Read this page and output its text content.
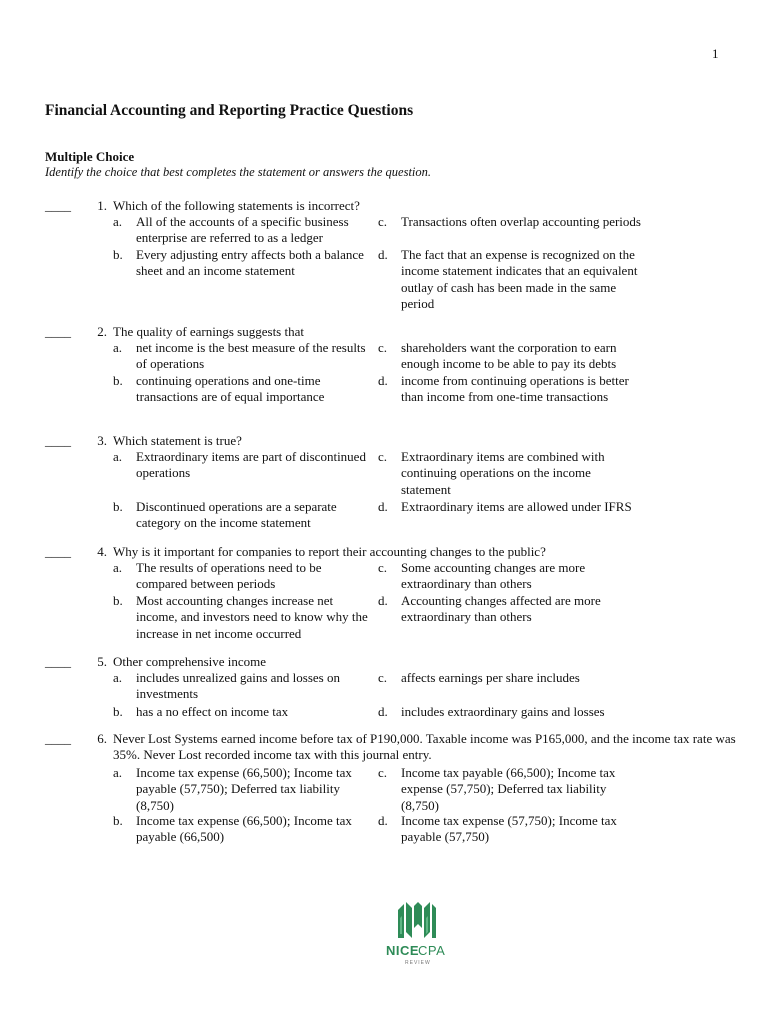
1
Financial Accounting and Reporting Practice Questions
Multiple Choice
Identify the choice that best completes the statement or answers the question.
____	1. Which of the following statements is incorrect?
a. All of the accounts of a specific business enterprise are referred to as a ledger
b. Every adjusting entry affects both a balance sheet and an income statement
c. Transactions often overlap accounting periods
d. The fact that an expense is recognized on the income statement indicates that an equivalent outlay of cash has been made in the same period
____	2. The quality of earnings suggests that
a. net income is the best measure of the results of operations
b. continuing operations and one-time transactions are of equal importance
c. shareholders want the corporation to earn enough income to be able to pay its debts
d. income from continuing operations is better than income from one-time transactions
____	3. Which statement is true?
a. Extraordinary items are part of discontinued operations
b. Discontinued operations are a separate category on the income statement
c. Extraordinary items are combined with continuing operations on the income statement
d. Extraordinary items are allowed under IFRS
____	4. Why is it important for companies to report their accounting changes to the public?
a. The results of operations need to be compared between periods
b. Most accounting changes increase net income, and investors need to know why the increase in net income occurred
c. Some accounting changes are more extraordinary than others
d. Accounting changes affected are more extraordinary than others
____	5. Other comprehensive income
a. includes unrealized gains and losses on investments
b. has a no effect on income tax
c. affects earnings per share includes
d. includes extraordinary gains and losses
____	6. Never Lost Systems earned income before tax of P190,000. Taxable income was P165,000, and the income tax rate was 35%. Never Lost recorded income tax with this journal entry.
a. Income tax expense (66,500); Income tax payable (57,750); Deferred tax liability (8,750)
b. Income tax expense (66,500); Income tax payable (66,500)
c. Income tax payable (66,500); Income tax expense (57,750); Deferred tax liability (8,750)
d. Income tax expense (57,750); Income tax payable (57,750)
NICE
CPA
REVIEW
